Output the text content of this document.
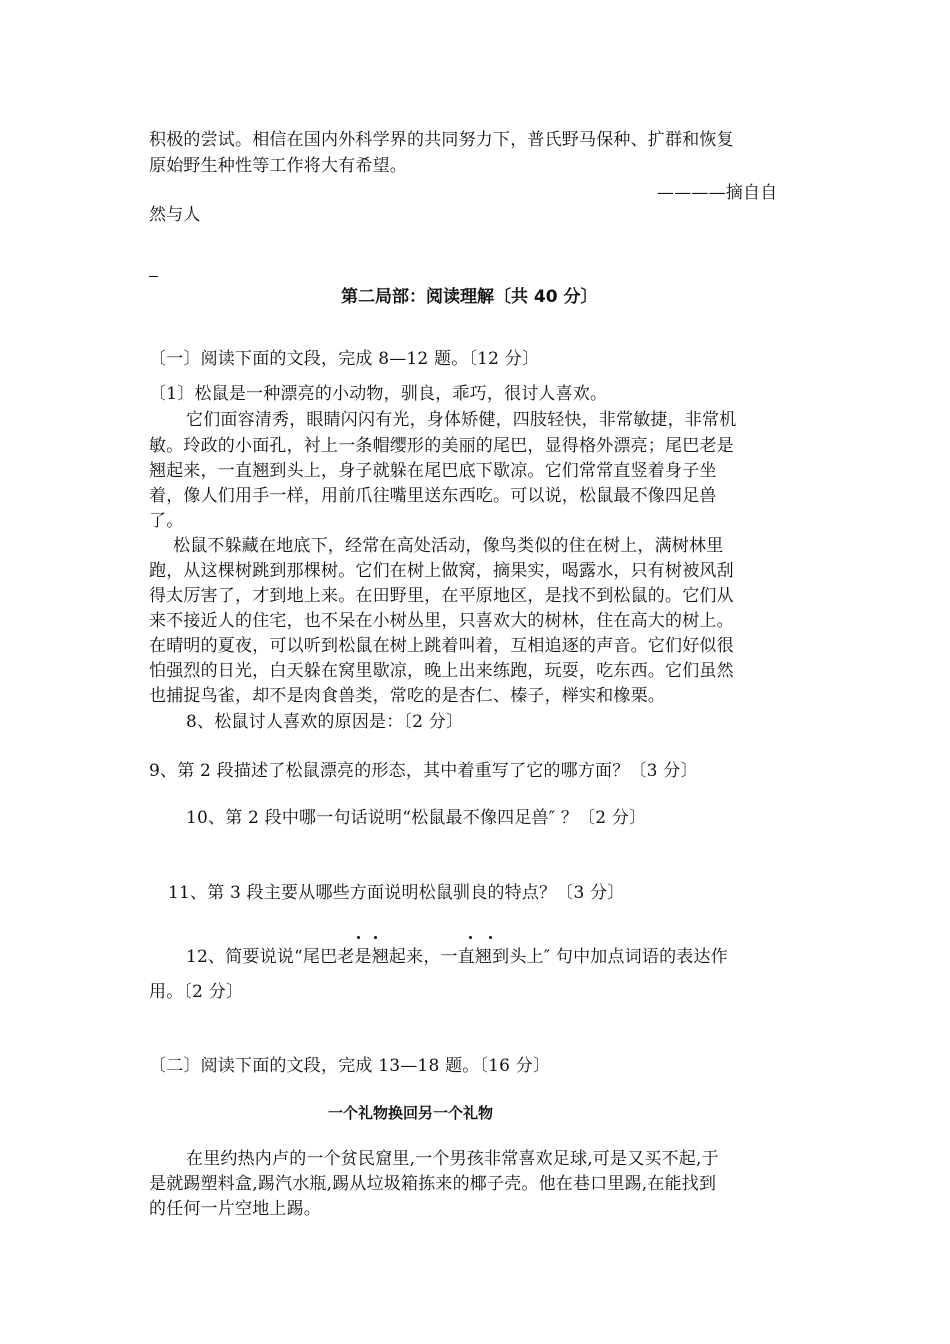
积极的尝试。相信在国内外科学界的共同努力下，普氏野马保种、扩群和恢复
原始野生种性等工作将大有希望。
————摘自自
然与人
第二局部：阅读理解〔共 40 分〕
〔一〕阅读下面的文段，完成 8—12 题。〔12 分〕
〔1〕松鼠是一种漂亮的小动物，驯良，乖巧，很讨人喜欢。
它们面容清秀，眼睛闪闪有光，身体矫健，四肢轻快，非常敏捷，非常机
敏。玲政的小面孔，衬上一条帽缨形的美丽的尾巴，显得格外漂亮；尾巴老是
翘起来，一直翘到头上，身子就躲在尾巴底下歇凉。它们常常直竖着身子坐
着，像人们用手一样，用前爪往嘴里送东西吃。可以说，松鼠最不像四足兽
了。
松鼠不躲藏在地底下，经常在高处活动，像鸟类似的住在树上，满树林里
跑，从这棵树跳到那棵树。它们在树上做窝，摘果实，喝露水，只有树被风刮
得太厉害了，才到地上来。在田野里，在平原地区，是找不到松鼠的。它们从
来不接近人的住宅，也不呆在小树丛里，只喜欢大的树林，住在高大的树上。
在晴明的夏夜，可以听到松鼠在树上跳着叫着，互相追逐的声音。它们好似很
怕强烈的日光，白天躲在窝里歇凉，晚上出来练跑，玩耍，吃东西。它们虽然
也捕捉鸟雀，却不是肉食兽类，常吃的是杏仁、榛子，榉实和橡栗。
8、松鼠讨人喜欢的原因是：〔2 分〕
9、第 2 段描述了松鼠漂亮的形态，其中着重写了它的哪方面？〔3 分〕
10、第 2 段中哪一句话说明“松鼠最不像四足兽″ ？〔2 分〕
11、第 3 段主要从哪些方面说明松鼠驯良的特点？〔3 分〕
12、简要说说“尾巴老是翘起来，一直翘到头上″ 句中加点词语的表达作
用。〔2 分〕
〔二〕阅读下面的文段，完成 13—18 题。〔16 分〕
一个礼物换回另一个礼物
在里约热内卢的一个贫民窟里,一个男孩非常喜欢足球,可是又买不起,于
是就踢塑料盒,踢汽水瓶,踢从垃圾箱拣来的椰子壳。他在巷口里踢,在能找到
的任何一片空地上踢。
